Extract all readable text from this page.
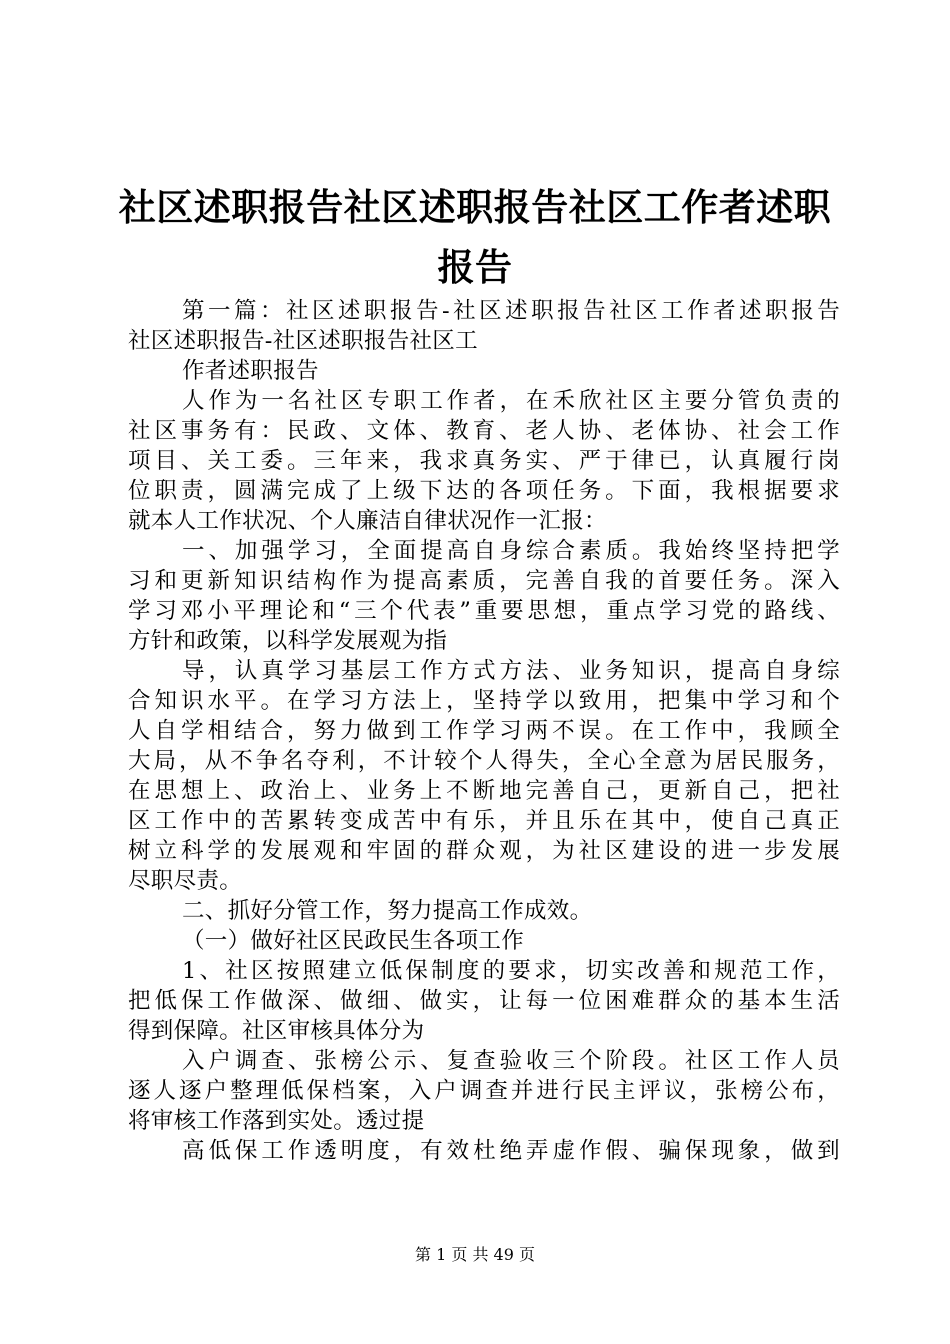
社区述职报告社区述职报告社区工作者述职报告
第一篇：社区述职报告-社区述职报告社区工作者述职报告
社区述职报告-社区述职报告社区工
作者述职报告
人作为一名社区专职工作者，在禾欣社区主要分管负责的
社区事务有：民政、文体、教育、老人协、老体协、社会工作
项目、关工委。三年来，我求真务实、严于律已，认真履行岗
位职责，圆满完成了上级下达的各项任务。下面，我根据要求
就本人工作状况、个人廉洁自律状况作一汇报：
一、加强学习，全面提高自身综合素质。我始终坚持把学
习和更新知识结构作为提高素质，完善自我的首要任务。深入
学习邓小平理论和“三个代表”重要思想，重点学习党的路线、
方针和政策，以科学发展观为指
导，认真学习基层工作方式方法、业务知识，提高自身综
合知识水平。在学习方法上，坚持学以致用，把集中学习和个
人自学相结合，努力做到工作学习两不误。在工作中，我顾全
大局，从不争名夺利，不计较个人得失，全心全意为居民服务，
在思想上、政治上、业务上不断地完善自己，更新自己，把社
区工作中的苦累转变成苦中有乐，并且乐在其中，使自己真正
树立科学的发展观和牢固的群众观，为社区建设的进一步发展
尽职尽责。
二、抓好分管工作，努力提高工作成效。
（一）做好社区民政民生各项工作
1、社区按照建立低保制度的要求，切实改善和规范工作，
把低保工作做深、做细、做实，让每一位困难群众的基本生活
得到保障。社区审核具体分为
入户调查、张榜公示、复查验收三个阶段。社区工作人员
逐人逐户整理低保档案，入户调查并进行民主评议，张榜公布，
将审核工作落到实处。透过提
高低保工作透明度，有效杜绝弄虚作假、骗保现象，做到
第 1 页 共 49 页
